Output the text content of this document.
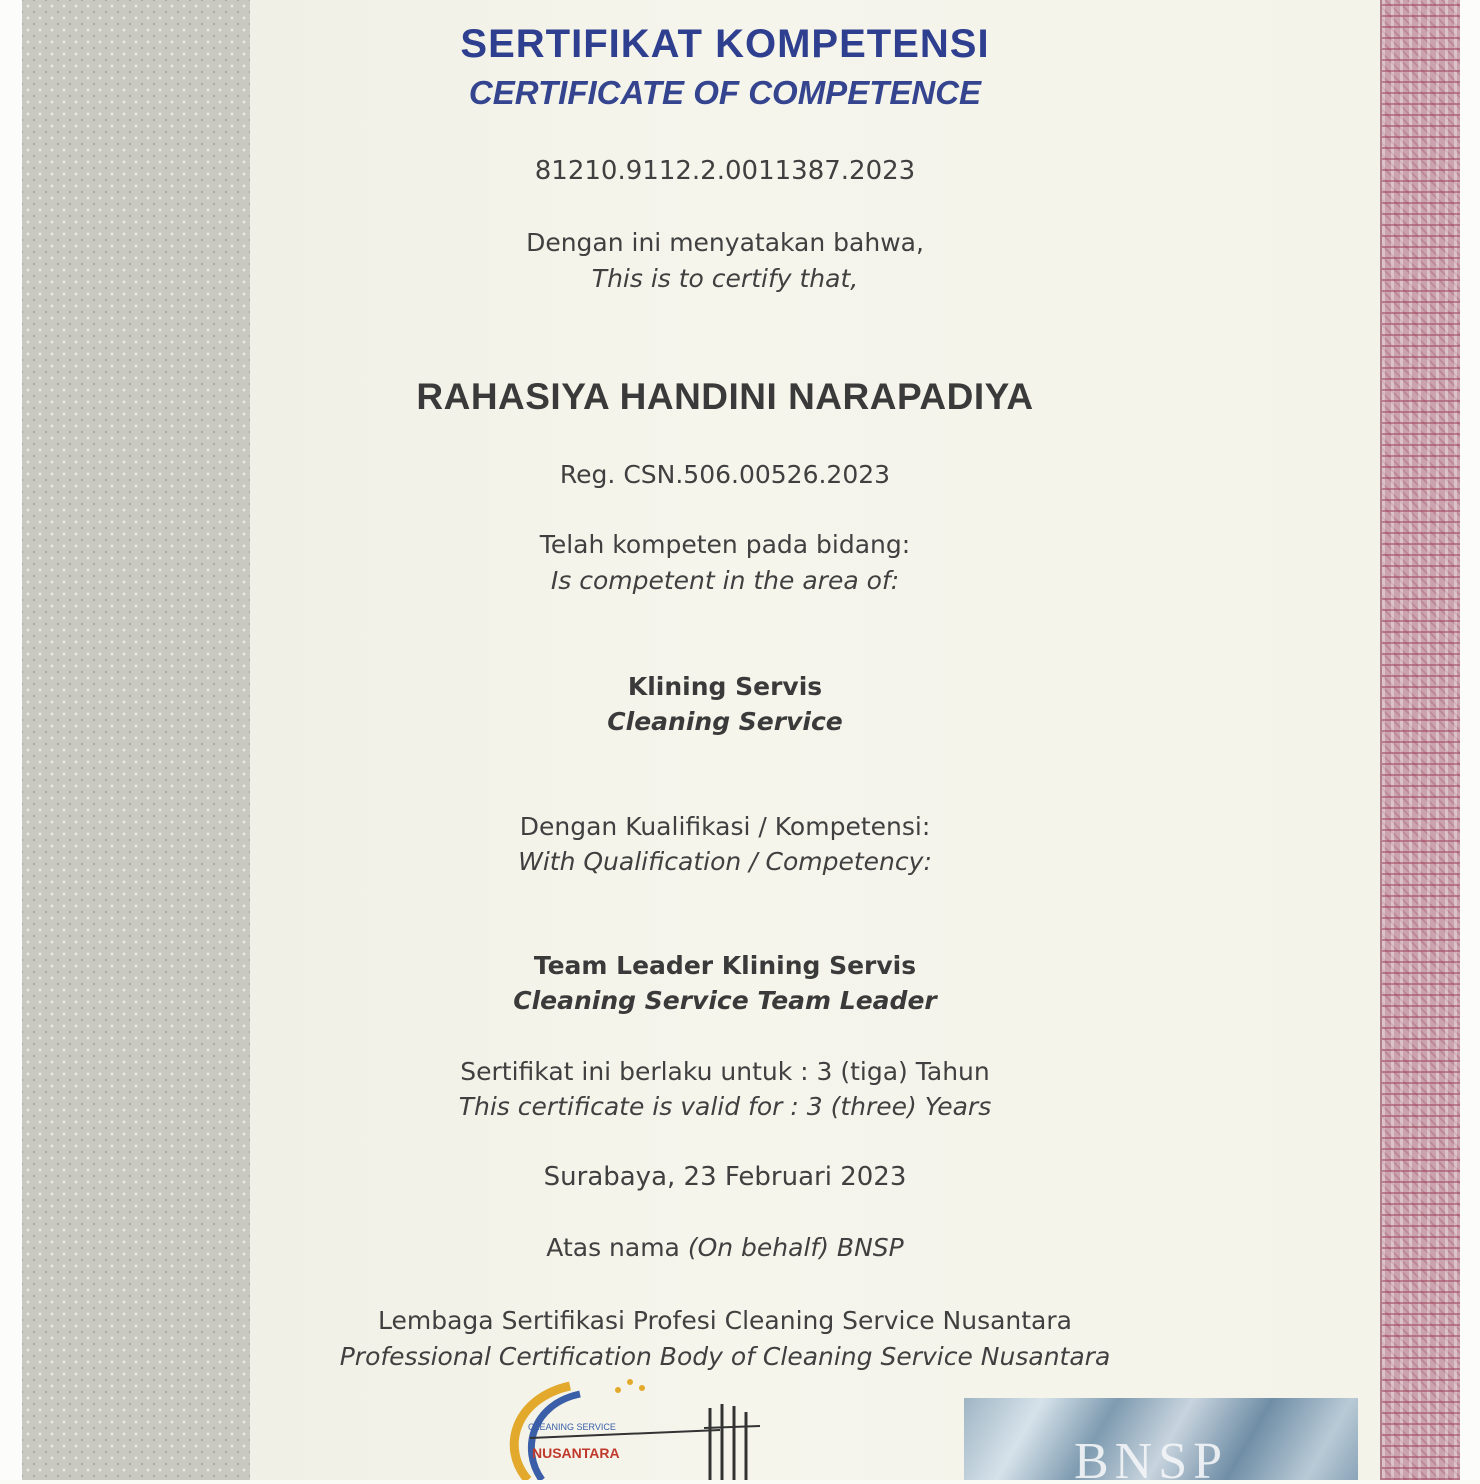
SERTIFIKAT KOMPETENSI
CERTIFICATE OF COMPETENCE
81210.9112.2.0011387.2023
Dengan ini menyatakan bahwa,
This is to certify that,
RAHASIYA HANDINI NARAPADIYA
Reg. CSN.506.00526.2023
Telah kompeten pada bidang:
Is competent in the area of:
Klining Servis
Cleaning Service
Dengan Kualifikasi / Kompetensi:
With Qualification / Competency:
Team Leader Klining Servis
Cleaning Service Team Leader
Sertifikat ini berlaku untuk : 3 (tiga) Tahun
This certificate is valid for : 3 (three) Years
Surabaya, 23 Februari 2023
Atas nama (On behalf) BNSP
Lembaga Sertifikasi Profesi Cleaning Service Nusantara
Professional Certification Body of Cleaning Service Nusantara
CLEANING SERVICE
NUSANTARA	BNSP
